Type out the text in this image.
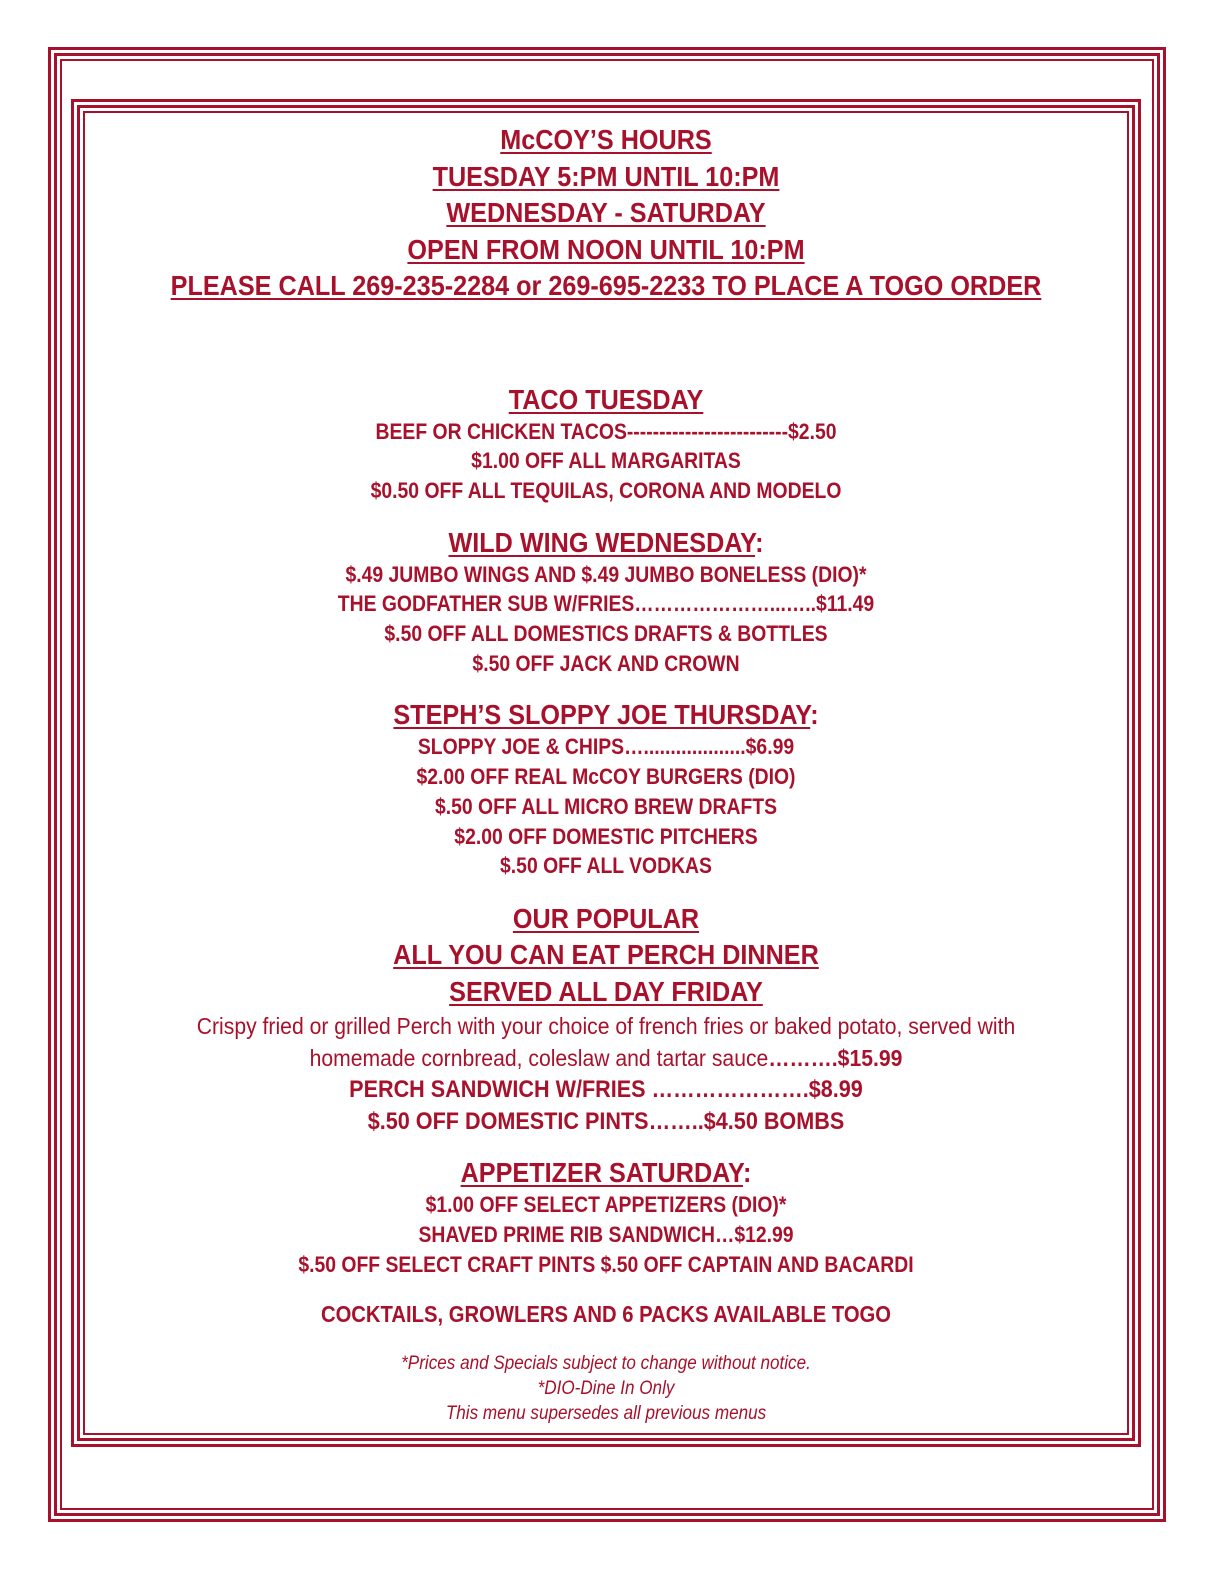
McCOY’S HOURS
TUESDAY 5:PM UNTIL 10:PM
WEDNESDAY - SATURDAY
OPEN FROM NOON UNTIL 10:PM
PLEASE CALL 269-235-2284 or 269-695-2233 TO PLACE A TOGO ORDER
TACO TUESDAY
BEEF OR CHICKEN TACOS-------------------------$2.50
$1.00 OFF ALL MARGARITAS
$0.50 OFF ALL TEQUILAS, CORONA AND MODELO
WILD WING WEDNESDAY:
$.49 JUMBO WINGS AND $.49 JUMBO BONELESS (DIO)*
THE GODFATHER SUB W/FRIES…………………...…..$11.49
$.50 OFF ALL DOMESTICS DRAFTS & BOTTLES
$.50 OFF JACK AND CROWN
STEPH’S SLOPPY JOE THURSDAY:
SLOPPY JOE & CHIPS…...................$6.99
$2.00 OFF REAL McCOY BURGERS (DIO)
$.50 OFF ALL MICRO BREW DRAFTS
$2.00 OFF DOMESTIC PITCHERS
$.50 OFF ALL VODKAS
OUR POPULAR
ALL YOU CAN EAT PERCH DINNER
SERVED ALL DAY FRIDAY
Crispy fried or grilled Perch with your choice of french fries or baked potato, served with
homemade cornbread, coleslaw and tartar sauce……….$15.99
PERCH SANDWICH W/FRIES ………………….$8.99
$.50 OFF DOMESTIC PINTS……..$4.50 BOMBS
APPETIZER SATURDAY:
$1.00 OFF SELECT APPETIZERS (DIO)*
SHAVED PRIME RIB SANDWICH…$12.99
$.50 OFF SELECT CRAFT PINTS $.50 OFF CAPTAIN AND BACARDI
COCKTAILS, GROWLERS AND 6 PACKS AVAILABLE TOGO
*Prices and Specials subject to change without notice.
*DIO-Dine In Only
This menu supersedes all previous menus
